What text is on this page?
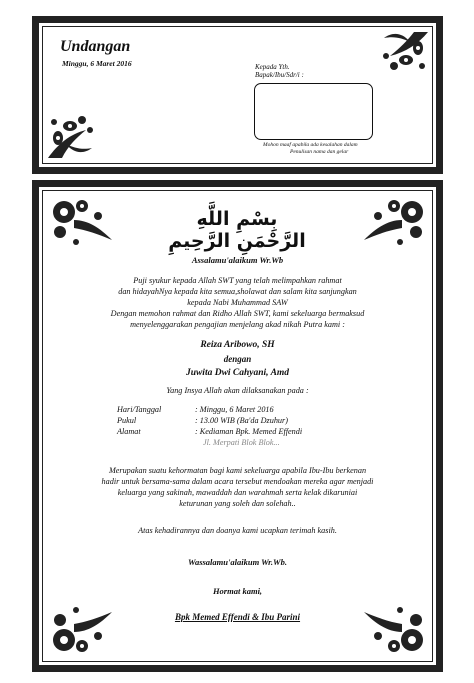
Undangan
Minggu, 6 Maret 2016	Kepada Yth.
Bapak/Ibu/Sdr/i :
Mohon maaf apabila ada kesalahan dalam
Penulisan nama dan gelar
بِسْمِ اللَّهِ الرَّحْمَنِ الرَّحِيمِ
Assalamu'alaikum Wr.Wb
Puji syukur kepada Allah SWT yang telah melimpahkan rahmat
dan hidayahNya kepada kita semua,sholawat dan salam kita sanjungkan
kepada Nabi Muhammad SAW
Dengan memohon rahmat dan Ridho Allah SWT, kami sekeluarga bermaksud
menyelenggarakan pengajian menjelang akad nikah Putra kami :
Reiza Aribowo, SH
dengan
Juwita Dwi Cahyani, Amd
Yang Insya Allah akan dilaksanakan pada :
Hari/Tanggal	: Minggu, 6 Maret 2016
Pukul	: 13.00 WIB (Ba'da Dzuhur)
Alamat	: Kediaman Bpk. Memed Effendi
Jl. Merpati Blok Blok...
Merupakan suatu kehormatan bagi kami sekeluarga apabila Ibu-Ibu berkenan
hadir untuk bersama-sama dalam acara tersebut mendoakan mereka agar menjadi
keluarga yang sakinah, mawaddah dan warahmah serta kelak dikaruniai
keturunan yang soleh dan solehah..
Atas kehadirannya dan doanya kami ucapkan terimah kasih.
Wassalamu'alaikum Wr.Wb.
Hormat kami,
Bpk Memed Effendi & Ibu Parini
